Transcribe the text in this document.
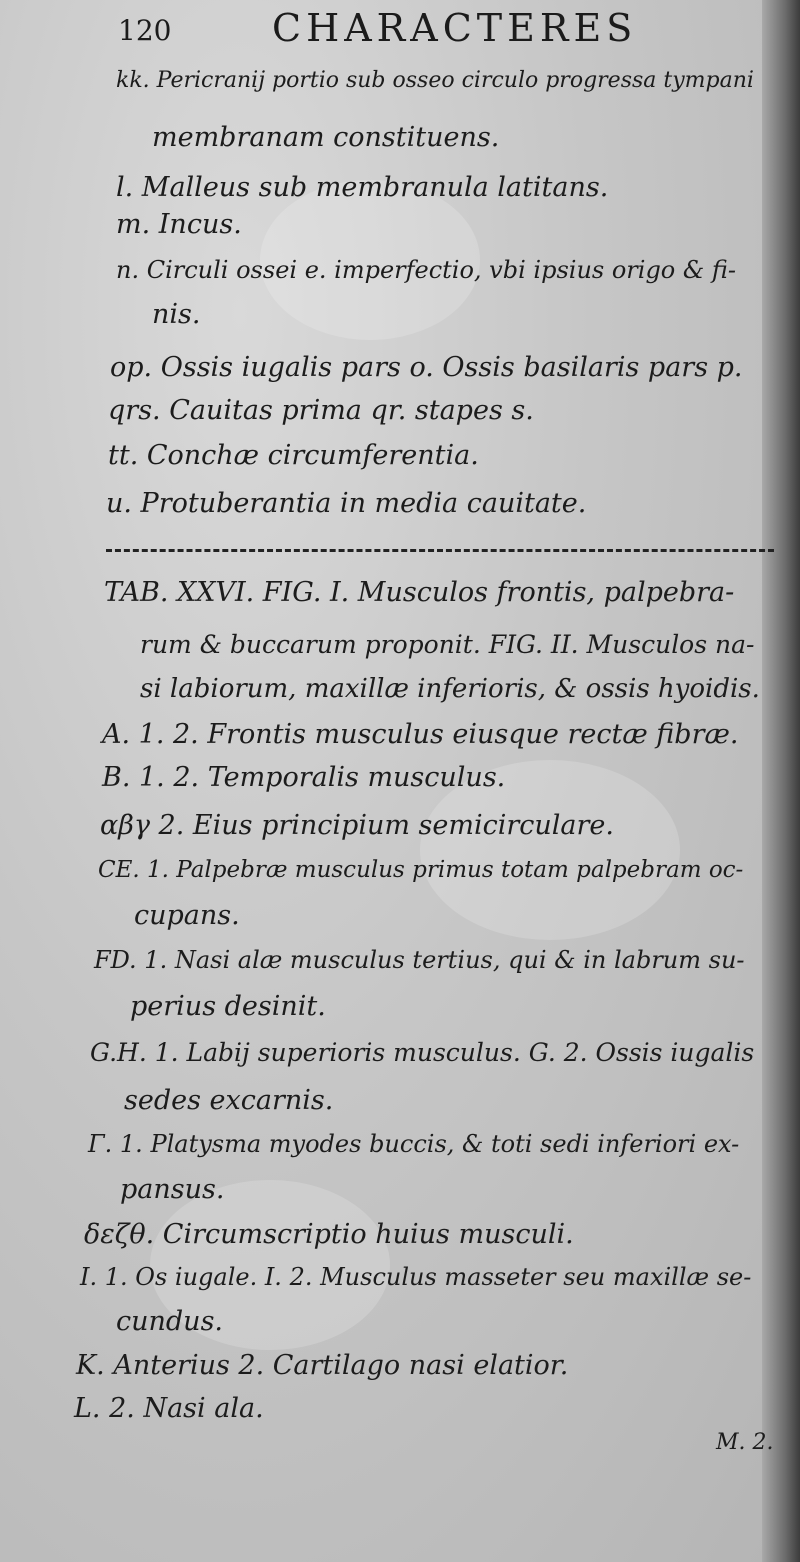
120	CHARACTERES
kk. Pericranij portio sub osseo circulo progressa tympani
membranam constituens.
l. Malleus sub membranula latitans.
m. Incus.
n. Circuli ossei e. imperfectio, vbi ipsius origo & fi-
nis.
op. Ossis iugalis pars o. Ossis basilaris pars p.
qrs. Cauitas prima qr. stapes s.
tt. Conchæ circumferentia.
u. Protuberantia in media cauitate.
TAB. XXVI. FIG. I. Musculos frontis, palpebra-
rum & buccarum proponit. FIG. II. Musculos na-
si labiorum, maxillæ inferioris, & ossis hyoidis.
A. 1. 2. Frontis musculus eiusque rectæ fibræ.
B. 1. 2. Temporalis musculus.
αβγ 2. Eius principium semicirculare.
CE. 1. Palpebræ musculus primus totam palpebram oc-
cupans.
FD. 1. Nasi alæ musculus tertius, qui & in labrum su-
perius desinit.
G.H. 1. Labij superioris musculus. G. 2. Ossis iugalis
sedes excarnis.
Γ. 1. Platysma myodes buccis, & toti sedi inferiori ex-
pansus.
δεζθ. Circumscriptio huius musculi.
I. 1. Os iugale. I. 2. Musculus masseter seu maxillæ se-
cundus.
K. Anterius 2. Cartilago nasi elatior.
L. 2. Nasi ala.
M. 2.
